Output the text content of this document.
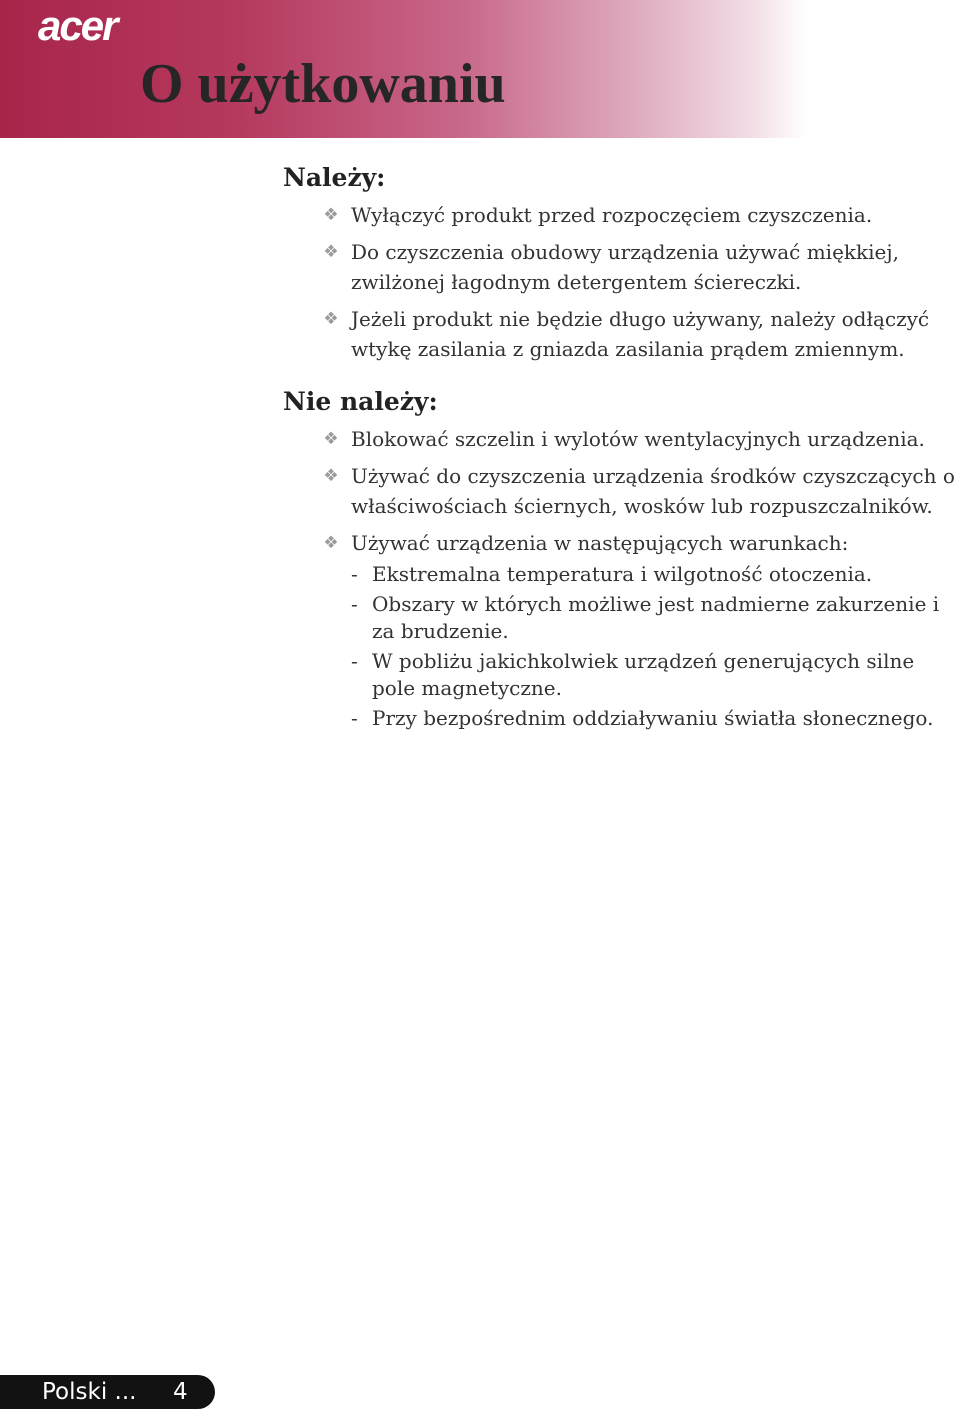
acer
O użytkowaniu
Należy:
❖ Wyłączyć produkt przed rozpoczęciem czyszczenia.
❖ Do czyszczenia obudowy urządzenia używać miękkiej, zwilżonej łagodnym detergentem ściereczki.
❖ Jeżeli produkt nie będzie długo używany, należy odłączyć wtykę zasilania z gniazda zasilania prądem zmiennym.
Nie należy:
❖ Blokować szczelin i wylotów wentylacyjnych urządzenia.
❖ Używać do czyszczenia urządzenia środków czyszczących o właściwościach ściernych, wosków lub rozpuszczalników.
❖ Używać urządzenia w następujących warunkach:
- Ekstremalna temperatura i wilgotność otoczenia.
- Obszary w których możliwe jest nadmierne zakurzenie i za brudzenie.
- W pobliżu jakichkolwiek urządzeń generujących silne pole magnetyczne.
- Przy bezpośrednim oddziaływaniu światła słonecznego.
Polski ... 4
